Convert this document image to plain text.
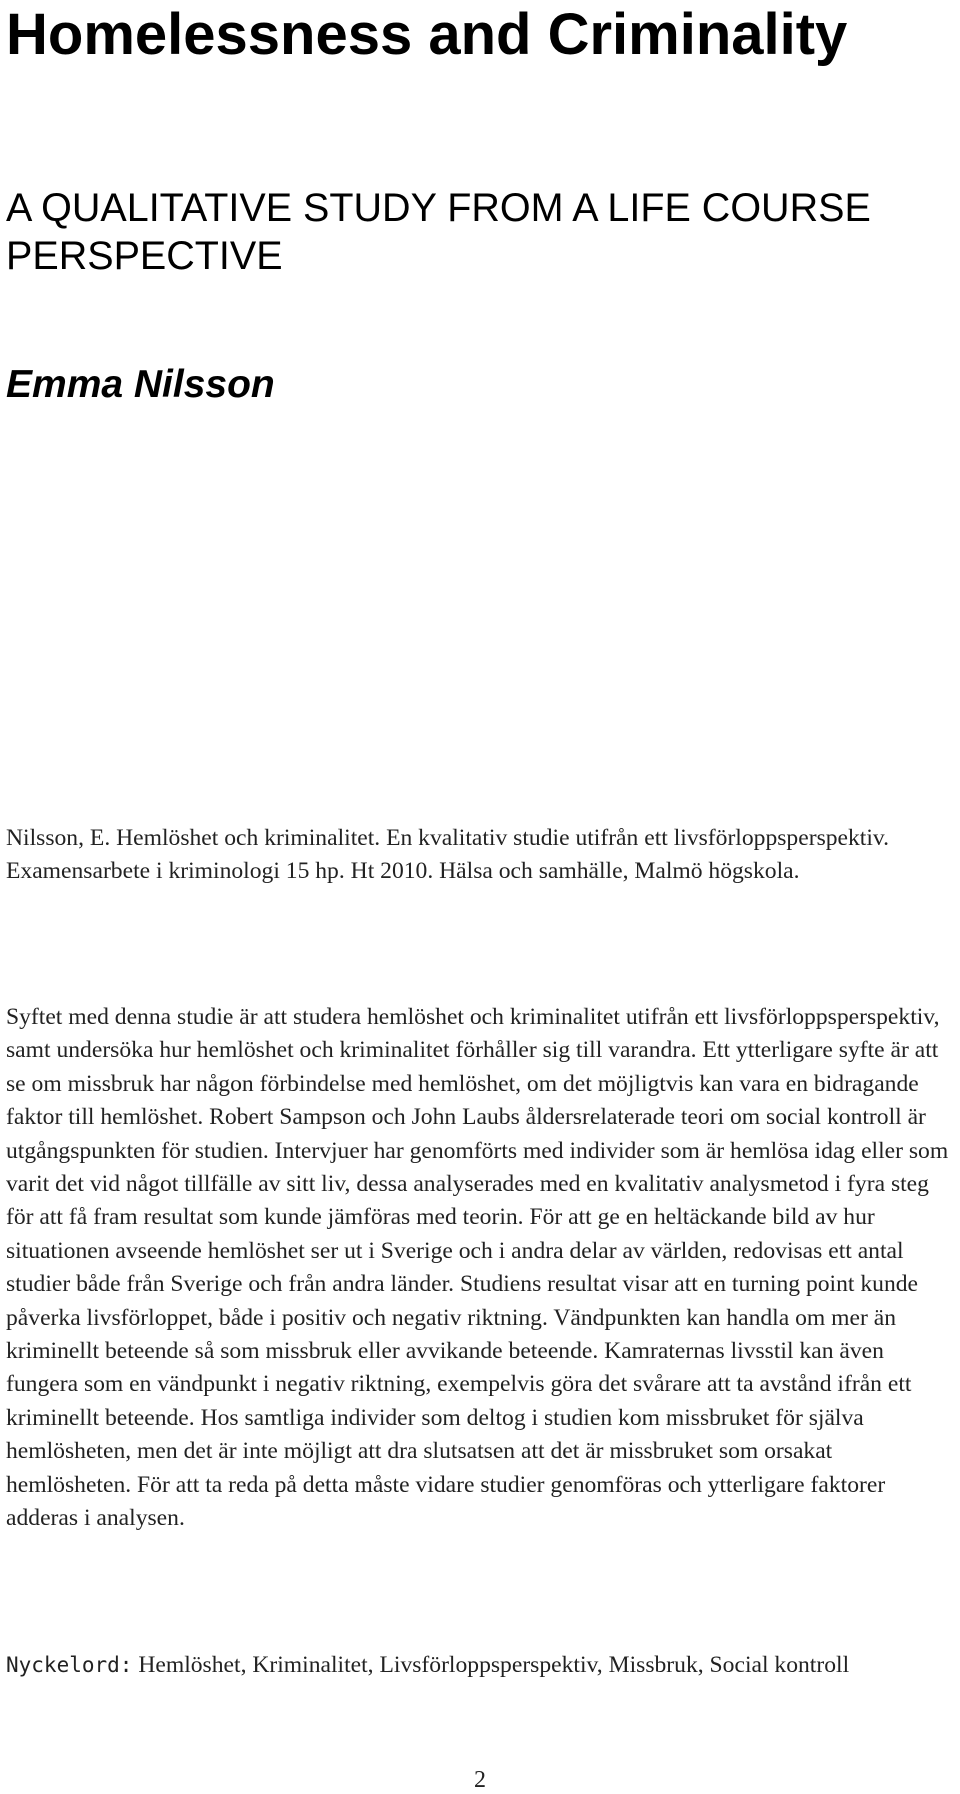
Homelessness and Criminality

A QUALITATIVE STUDY FROM A LIFE COURSE PERSPECTIVE

Emma Nilsson

Nilsson, E. Hemlöshet och kriminalitet. En kvalitativ studie utifrån ett livsförloppsperspektiv. Examensarbete i kriminologi 15 hp. Ht 2010. Hälsa och samhälle, Malmö högskola.

Syftet med denna studie är att studera hemlöshet och kriminalitet utifrån ett livsförloppsperspektiv, samt undersöka hur hemlöshet och kriminalitet förhåller sig till varandra. Ett ytterligare syfte är att se om missbruk har någon förbindelse med hemlöshet, om det möjligtvis kan vara en bidragande faktor till hemlöshet. Robert Sampson och John Laubs åldersrelaterade teori om social kontroll är utgångspunkten för studien. Intervjuer har genomförts med individer som är hemlösa idag eller som varit det vid något tillfälle av sitt liv, dessa analyserades med en kvalitativ analysmetod i fyra steg för att få fram resultat som kunde jämföras med teorin. För att ge en heltäckande bild av hur situationen avseende hemlöshet ser ut i Sverige och i andra delar av världen, redovisas ett antal studier både från Sverige och från andra länder. Studiens resultat visar att en turning point kunde påverka livsförloppet, både i positiv och negativ riktning. Vändpunkten kan handla om mer än kriminellt beteende så som missbruk eller avvikande beteende. Kamraternas livsstil kan även fungera som en vändpunkt i negativ riktning, exempelvis göra det svårare att ta avstånd ifrån ett kriminellt beteende. Hos samtliga individer som deltog i studien kom missbruket för själva hemlösheten, men det är inte möjligt att dra slutsatsen att det är missbruket som orsakat hemlösheten. För att ta reda på detta måste vidare studier genomföras och ytterligare faktorer adderas i analysen.

Nyckelord: Hemlöshet, Kriminalitet, Livsförloppsperspektiv, Missbruk, Social kontroll

2
